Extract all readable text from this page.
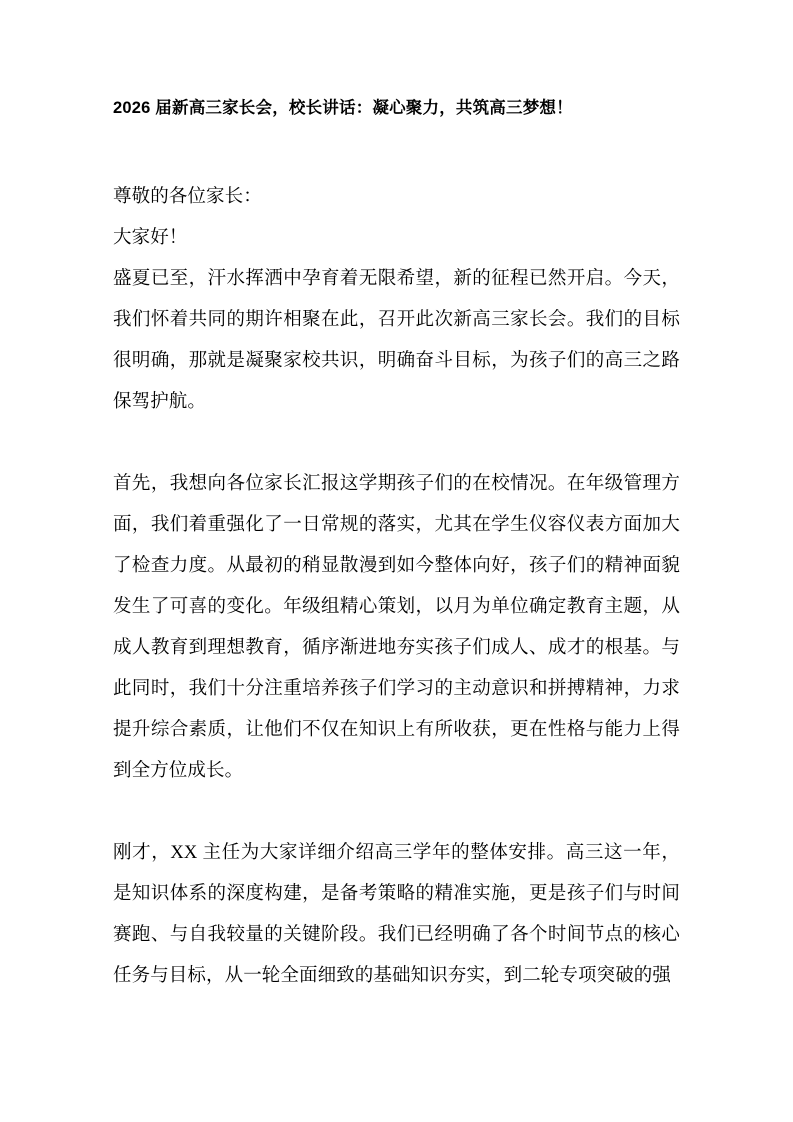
2026 届新高三家长会，校长讲话：凝心聚力，共筑高三梦想！

尊敬的各位家长：

大家好！

盛夏已至，汗水挥洒中孕育着无限希望，新的征程已然开启。今天，我们怀着共同的期许相聚在此，召开此次新高三家长会。我们的目标很明确，那就是凝聚家校共识，明确奋斗目标，为孩子们的高三之路保驾护航。

首先，我想向各位家长汇报这学期孩子们的在校情况。在年级管理方面，我们着重强化了一日常规的落实，尤其在学生仪容仪表方面加大了检查力度。从最初的稍显散漫到如今整体向好，孩子们的精神面貌发生了可喜的变化。年级组精心策划，以月为单位确定教育主题，从成人教育到理想教育，循序渐进地夯实孩子们成人、成才的根基。与此同时，我们十分注重培养孩子们学习的主动意识和拼搏精神，力求提升综合素质，让他们不仅在知识上有所收获，更在性格与能力上得到全方位成长。

刚才，XX 主任为大家详细介绍高三学年的整体安排。高三这一年，是知识体系的深度构建，是备考策略的精准实施，更是孩子们与时间赛跑、与自我较量的关键阶段。我们已经明确了各个时间节点的核心任务与目标，从一轮全面细致的基础知识夯实，到二轮专项突破的强
